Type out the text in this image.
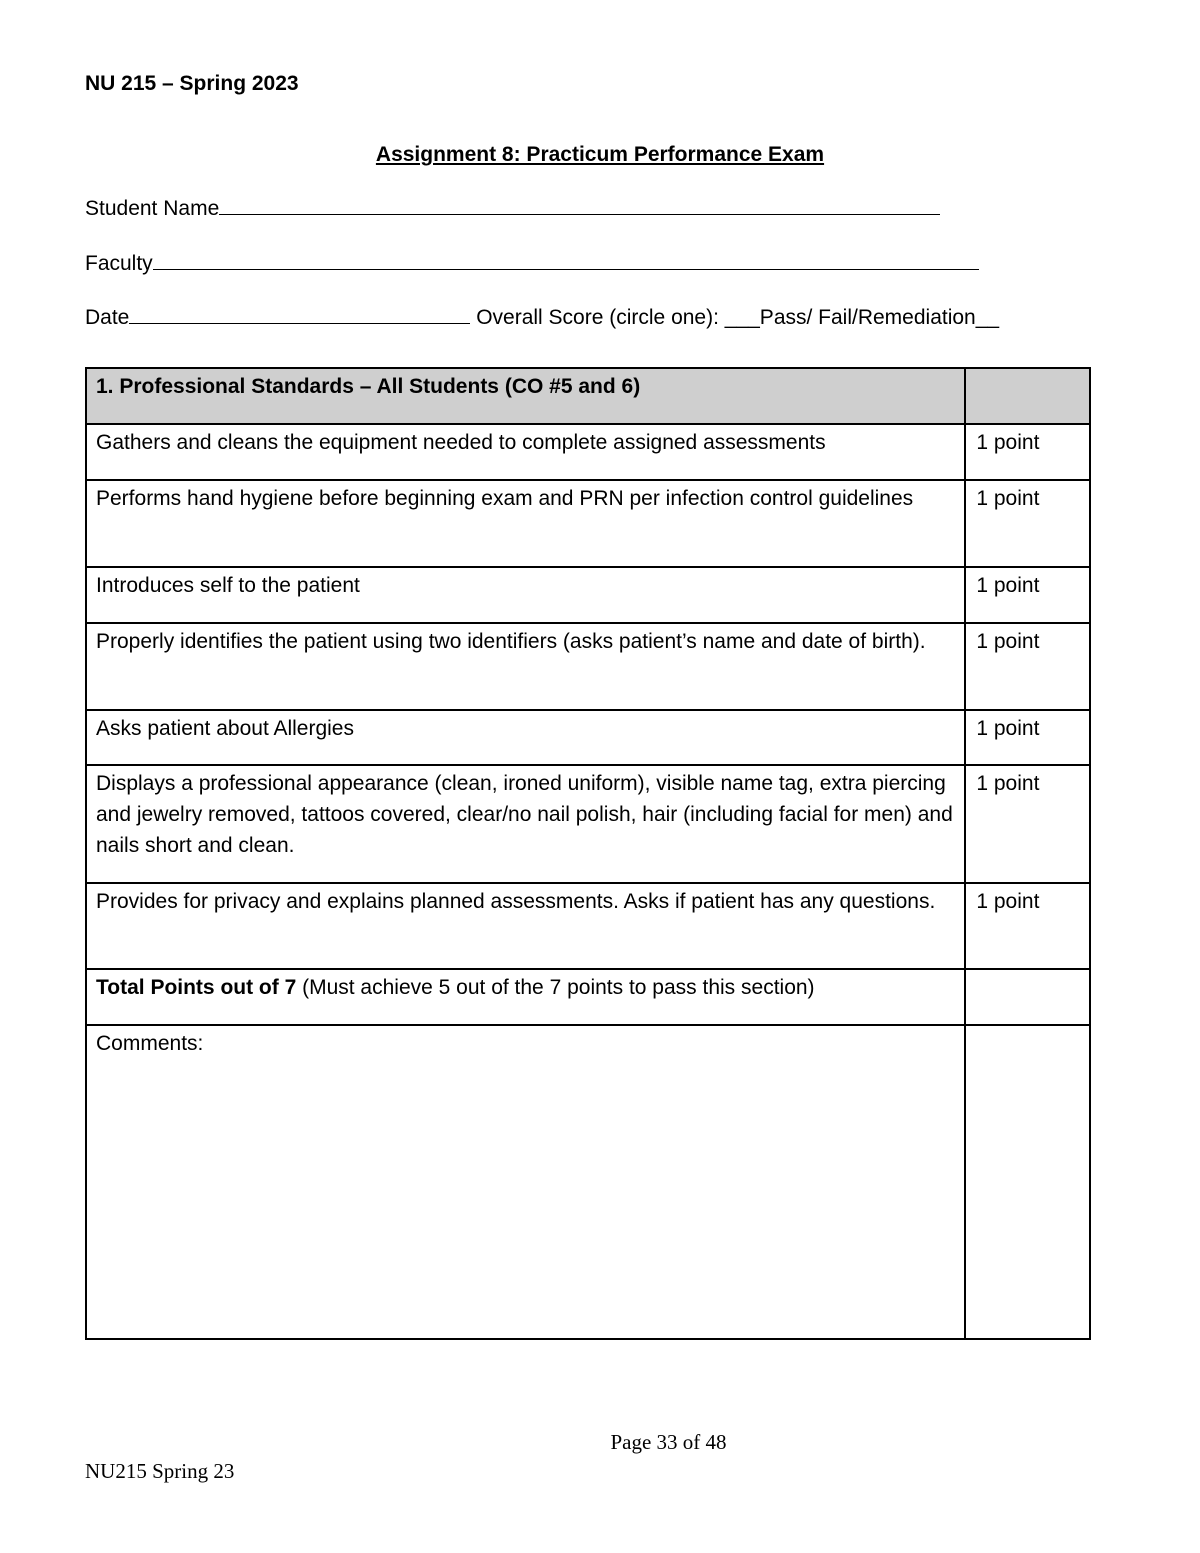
NU 215 – Spring 2023
Assignment 8: Practicum Performance Exam
Student Name
Faculty
Date	Overall Score (circle one): ___Pass/ Fail/Remediation__
1. Professional Standards – All Students (CO #5 and 6)	
Gathers and cleans the equipment needed to complete assigned assessments	1 point
Performs hand hygiene before beginning exam and PRN per infection control guidelines	1 point
Introduces self to the patient	1 point
Properly identifies the patient using two identifiers (asks patient’s name and date of birth).	1 point
Asks patient about Allergies	1 point
Displays a professional appearance (clean, ironed uniform), visible name tag, extra piercing and jewelry removed, tattoos covered, clear/no nail polish, hair (including facial for men) and nails short and clean.	1 point
Provides for privacy and explains planned assessments. Asks if patient has any questions.	1 point
Total Points out of 7 (Must achieve 5 out of the 7 points to pass this section)	
Comments:	
Page 33 of 48
NU215 Spring 23
